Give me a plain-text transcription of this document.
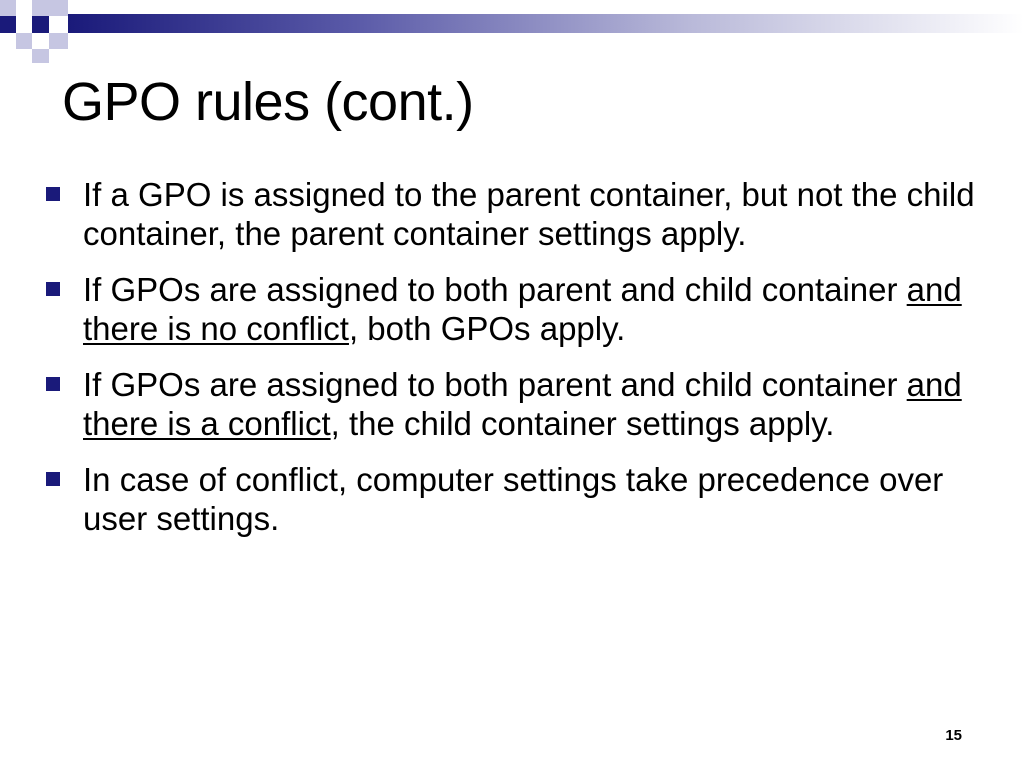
GPO rules (cont.)
If a GPO is assigned to the parent container, but not the child container, the parent container settings apply.
If GPOs are assigned to both parent and child container and there is no conflict, both GPOs apply.
If GPOs are assigned to both parent and child container and there is a conflict, the child container settings apply.
In case of conflict, computer settings take precedence over user settings.
15
